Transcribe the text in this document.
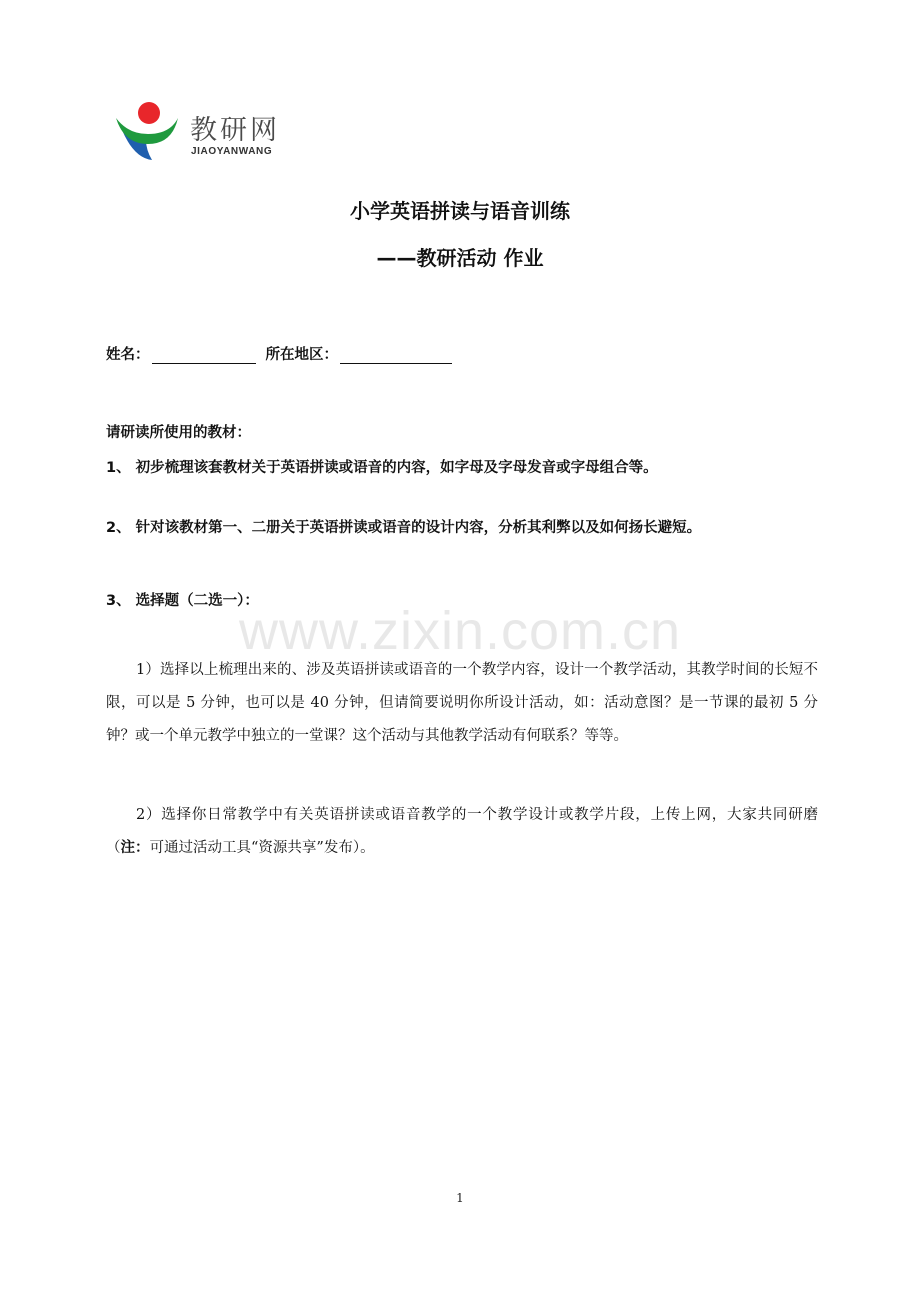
教研网
JIAOYANWANG
小学英语拼读与语音训练
——教研活动 作业
姓名：	所在地区：
请研读所使用的教材：
1、 初步梳理该套教材关于英语拼读或语音的内容，如字母及字母发音或字母组合等。
2、 针对该教材第一、二册关于英语拼读或语音的设计内容，分析其利弊以及如何扬长避短。
3、 选择题（二选一）：
1）选择以上梳理出来的、涉及英语拼读或语音的一个教学内容，设计一个教学活动，其教学时间的长短不限，可以是 5 分钟，也可以是 40 分钟，但请简要说明你所设计活动，如：活动意图？是一节课的最初 5 分钟？或一个单元教学中独立的一堂课？这个活动与其他教学活动有何联系？等等。
2）选择你日常教学中有关英语拼读或语音教学的一个教学设计或教学片段，上传上网，大家共同研磨（注：可通过活动工具“资源共享”发布）。
www.zixin.com.cn
1
